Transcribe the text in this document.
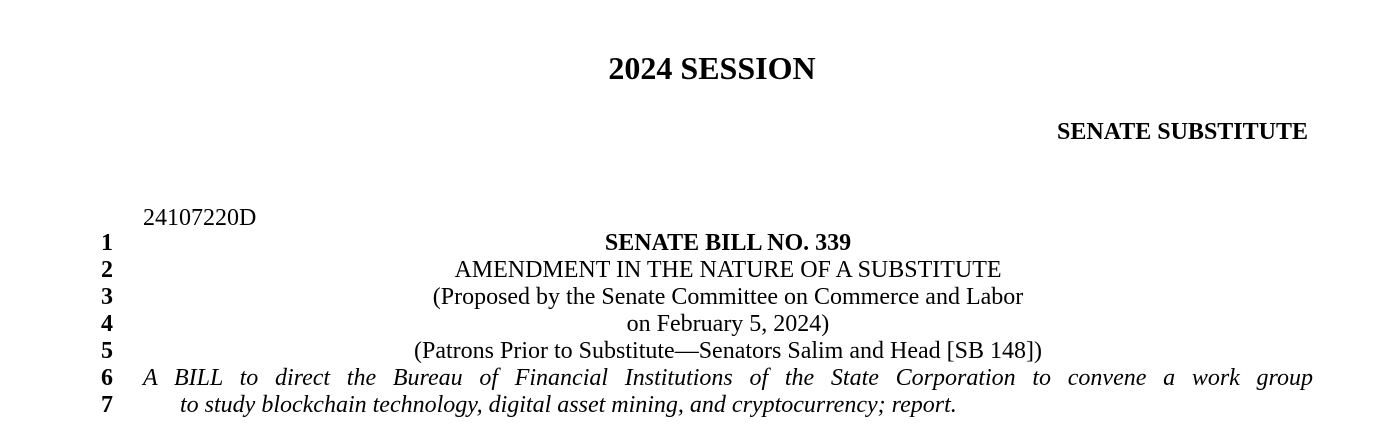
2024 SESSION
SENATE SUBSTITUTE
24107220D
1	SENATE BILL NO. 339
2	AMENDMENT IN THE NATURE OF A SUBSTITUTE
3	(Proposed by the Senate Committee on Commerce and Labor
4	on February 5, 2024)
5	(Patrons Prior to Substitute—Senators Salim and Head [SB 148])
6 A BILL to direct the Bureau of Financial Institutions of the State Corporation to convene a work group
7	to study blockchain technology, digital asset mining, and cryptocurrency; report.
